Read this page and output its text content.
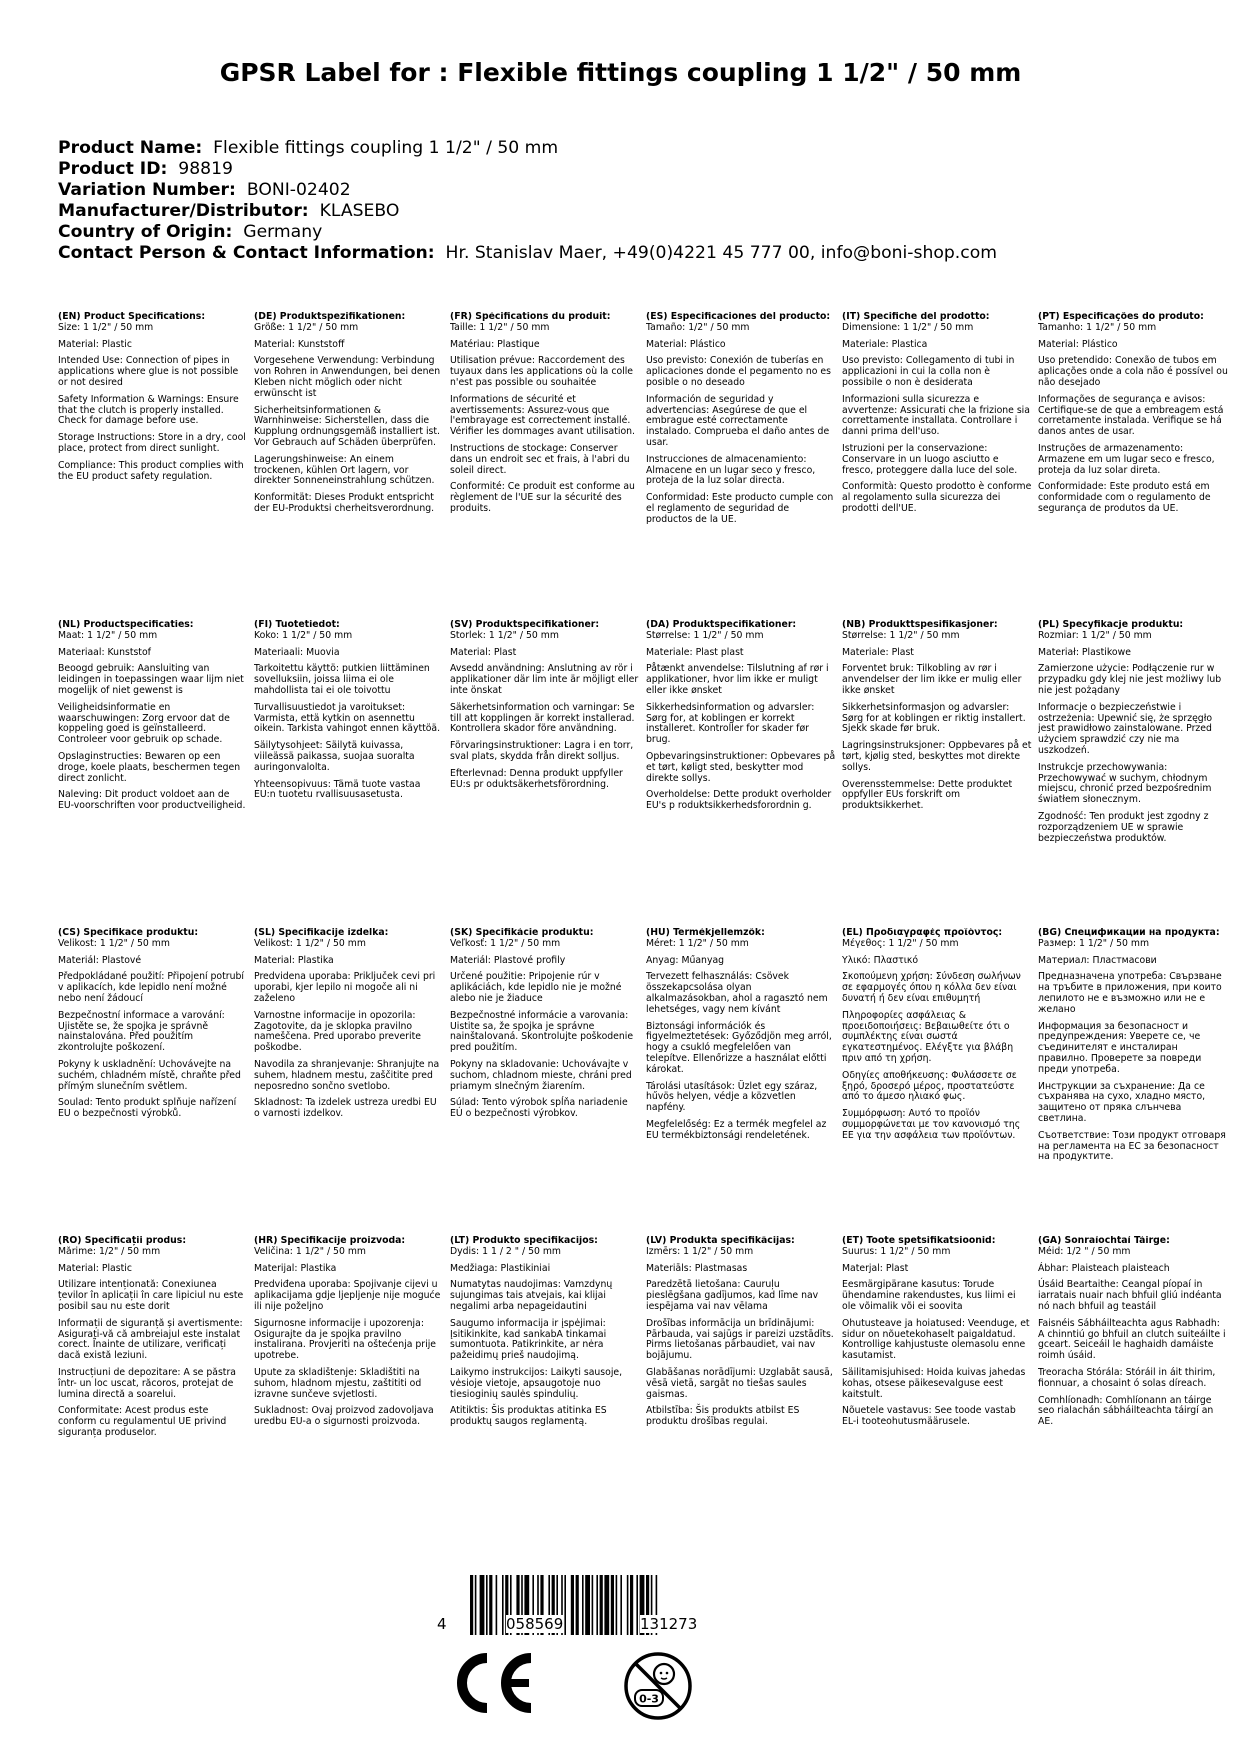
GPSR Label for : Flexible fittings coupling 1 1/2" / 50 mm
Product Name: Flexible fittings coupling 1 1/2" / 50 mm
Product ID: 98819
Variation Number: BONI-02402
Manufacturer/Distributor: KLASEBO
Country of Origin: Germany
Contact Person & Contact Information: Hr. Stanislav Maer, +49(0)4221 45 777 00, info@boni-shop.com
(EN) Product Specifications:
Size: 1 1/2" / 50 mm

Material: Plastic

Intended Use: Connection of pipes in applications where glue is not possible or not desired

Safety Information & Warnings: Ensure that the clutch is properly installed. Check for damage before use.

Storage Instructions: Store in a dry, cool place, protect from direct sunlight.

Compliance: This product complies with the EU product safety regulation.

(DE) Produktspezifikationen:
Größe: 1 1/2" / 50 mm

Material: Kunststoff

Vorgesehene Verwendung: Verbindung von Rohren in Anwendungen, bei denen Kleben nicht möglich oder nicht erwünscht ist

Sicherheitsinformationen & Warnhinweise: Sicherstellen, dass die Kupplung ordnungsgemäß installiert ist. Vor Gebrauch auf Schäden überprüfen.

Lagerungshinweise: An einem trockenen, kühlen Ort lagern, vor direkter Sonneneinstrahlung schützen.

Konformität: Dieses Produkt entspricht der EU-Produktsi cherheitsverordnung.

(FR) Spécifications du produit:
Taille: 1 1/2" / 50 mm

Matériau: Plastique

Utilisation prévue: Raccordement des tuyaux dans les applications où la colle n'est pas possible ou souhaitée

Informations de sécurité et avertissements: Assurez-vous que l'embrayage est correctement installé. Vérifier les dommages avant utilisation.

Instructions de stockage: Conserver dans un endroit sec et frais, à l'abri du soleil direct.

Conformité: Ce produit est conforme au règlement de l'UE sur la sécurité des produits.

(ES) Especificaciones del producto:
Tamaño: 1/2" / 50 mm

Material: Plástico

Uso previsto: Conexión de tuberías en aplicaciones donde el pegamento no es posible o no deseado

Información de seguridad y advertencias: Asegúrese de que el embrague esté correctamente instalado. Comprueba el daño antes de usar.

Instrucciones de almacenamiento: Almacene en un lugar seco y fresco, proteja de la luz solar directa.

Conformidad: Este producto cumple con el reglamento de seguridad de productos de la UE.

(IT) Specifiche del prodotto:
Dimensione: 1 1/2" / 50 mm

Materiale: Plastica

Uso previsto: Collegamento di tubi in applicazioni in cui la colla non è possibile o non è desiderata

Informazioni sulla sicurezza e avvertenze: Assicurati che la frizione sia correttamente installata. Controllare i danni prima dell'uso.

Istruzioni per la conservazione: Conservare in un luogo asciutto e fresco, proteggere dalla luce del sole.

Conformità: Questo prodotto è conforme al regolamento sulla sicurezza dei prodotti dell'UE.

(PT) Especificações do produto:
Tamanho: 1 1/2" / 50 mm

Material: Plástico

Uso pretendido: Conexão de tubos em aplicações onde a cola não é possível ou não desejado

Informações de segurança e avisos: Certifique-se de que a embreagem está corretamente instalada. Verifique se há danos antes de usar.

Instruções de armazenamento: Armazene em um lugar seco e fresco, proteja da luz solar direta.

Conformidade: Este produto está em conformidade com o regulamento de segurança de produtos da UE.

(NL) Productspecificaties:
Maat: 1 1/2" / 50 mm

Materiaal: Kunststof

Beoogd gebruik: Aansluiting van leidingen in toepassingen waar lijm niet mogelijk of niet gewenst is

Veiligheidsinformatie en waarschuwingen: Zorg ervoor dat de koppeling goed is geïnstalleerd. Controleer voor gebruik op schade.

Opslaginstructies: Bewaren op een droge, koele plaats, beschermen tegen direct zonlicht.

Naleving: Dit product voldoet aan de EU-voorschriften voor productveiligheid.

(FI) Tuotetiedot:
Koko: 1 1/2" / 50 mm

Materiaali: Muovia

Tarkoitettu käyttö: putkien liittäminen sovelluksiin, joissa liima ei ole mahdollista tai ei ole toivottu

Turvallisuustiedot ja varoitukset: Varmista, että kytkin on asennettu oikein. Tarkista vahingot ennen käyttöä.

Säilytysohjeet: Säilytä kuivassa, viileässä paikassa, suojaa suoralta auringonvalolta.

Yhteensopivuus: Tämä tuote vastaa EU:n tuotetu rvallisuusasetusta.

(SV) Produktspecifikationer:
Storlek: 1 1/2" / 50 mm

Material: Plast

Avsedd användning: Anslutning av rör i applikationer där lim inte är möjligt eller inte önskat

Säkerhetsinformation och varningar: Se till att kopplingen är korrekt installerad. Kontrollera skador före användning.

Förvaringsinstruktioner: Lagra i en torr, sval plats, skydda från direkt solljus.

Efterlevnad: Denna produkt uppfyller EU:s pr oduktsäkerhetsförordning.

(DA) Produktspecifikationer:
Størrelse: 1 1/2" / 50 mm

Materiale: Plast plast

Påtænkt anvendelse: Tilslutning af rør i applikationer, hvor lim ikke er muligt eller ikke ønsket

Sikkerhedsinformation og advarsler: Sørg for, at koblingen er korrekt installeret. Kontroller for skader før brug.

Opbevaringsinstruktioner: Opbevares på et tørt, køligt sted, beskytter mod direkte sollys.

Overholdelse: Dette produkt overholder EU's p roduktsikkerhedsforordnin g.

(NB) Produkttspesifikasjoner:
Størrelse: 1 1/2" / 50 mm

Materiale: Plast

Forventet bruk: Tilkobling av rør i anvendelser der lim ikke er mulig eller ikke ønsket

Sikkerhetsinformasjon og advarsler: Sørg for at koblingen er riktig installert. Sjekk skade før bruk.

Lagringsinstruksjoner: Oppbevares på et tørt, kjølig sted, beskyttes mot direkte sollys.

Overensstemmelse: Dette produktet oppfyller EUs forskrift om produktsikkerhet.

(PL) Specyfikacje produktu:
Rozmiar: 1 1/2" / 50 mm

Materiał: Plastikowe

Zamierzone użycie: Podłączenie rur w przypadku gdy klej nie jest możliwy lub nie jest pożądany

Informacje o bezpieczeństwie i ostrzeżenia: Upewnić się, że sprzęgło jest prawidłowo zainstalowane. Przed użyciem sprawdzić czy nie ma uszkodzeń.

Instrukcje przechowywania: Przechowywać w suchym, chłodnym miejscu, chronić przed bezpośrednim światłem słonecznym.

Zgodność: Ten produkt jest zgodny z rozporządzeniem UE w sprawie bezpieczeństwa produktów.

(CS) Specifikace produktu:
Velikost: 1 1/2" / 50 mm

Materiál: Plastové

Předpokládané použití: Připojení potrubí v aplikacích, kde lepidlo není možné nebo není žádoucí

Bezpečnostní informace a varování: Ujistěte se, že spojka je správně nainstalována. Před použitím zkontrolujte poškození.

Pokyny k uskladnění: Uchovávejte na suchém, chladném místě, chraňte před přímým slunečním světlem.

Soulad: Tento produkt splňuje nařízení EU o bezpečnosti výrobků.

(SL) Specifikacije izdelka:
Velikost: 1 1/2" / 50 mm

Material: Plastika

Predvidena uporaba: Priključek cevi pri uporabi, kjer lepilo ni mogoče ali ni zaželeno

Varnostne informacije in opozorila: Zagotovite, da je sklopka pravilno nameščena. Pred uporabo preverite poškodbe.

Navodila za shranjevanje: Shranjujte na suhem, hladnem mestu, zaščitite pred neposredno sončno svetlobo.

Skladnost: Ta izdelek ustreza uredbi EU o varnosti izdelkov.

(SK) Špecifikácie produktu:
Veľkosť: 1 1/2" / 50 mm

Materiál: Plastové profily

Určené použitie: Pripojenie rúr v aplikáciách, kde lepidlo nie je možné alebo nie je žiaduce

Bezpečnostné informácie a varovania: Uistite sa, že spojka je správne nainštalovaná. Skontrolujte poškodenie pred použitím.

Pokyny na skladovanie: Uchovávajte v suchom, chladnom mieste, chráni pred priamym slnečným žiarením.

Súlad: Tento výrobok spĺňa nariadenie EÚ o bezpečnosti výrobkov.

(HU) Termékjellemzők:
Méret: 1 1/2" / 50 mm

Anyag: Műanyag

Tervezett felhasználás: Csövek összekapcsolása olyan alkalmazásokban, ahol a ragasztó nem lehetséges, vagy nem kívánt

Biztonsági információk és figyelmeztetések: Győződjön meg arról, hogy a csukló megfelelően van telepítve. Ellenőrizze a használat előtti károkat.

Tárolási utasítások: Üzlet egy száraz, hűvös helyen, védje a közvetlen napfény.

Megfelelőség: Ez a termék megfelel az EU termékbiztonsági rendeletének.

(EL) Προδιαγραφές προϊόντος:
Μέγεθος: 1 1/2" / 50 mm

Υλικό: Πλαστικό

Σκοπούμενη χρήση: Σύνδεση σωλήνων σε εφαρμογές όπου η κόλλα δεν είναι δυνατή ή δεν είναι επιθυμητή

Πληροφορίες ασφάλειας & προειδοποιήσεις: Βεβαιωθείτε ότι ο συμπλέκτης είναι σωστά εγκατεστημένος. Ελέγξτε για βλάβη πριν από τη χρήση.

Οδηγίες αποθήκευσης: Φυλάσσετε σε ξηρό, δροσερό μέρος, προστατεύστε από το άμεσο ηλιακό φως.

Συμμόρφωση: Αυτό το προϊόν συμμορφώνεται με τον κανονισμό της ΕΕ για την ασφάλεια των προϊόντων.

(BG) Спецификации на продукта:
Размер: 1 1/2" / 50 mm

Материал: Пластмасови

Предназначена употреба: Свързване на тръбите в приложения, при които лепилото не е възможно или не е желано

Информация за безопасност и предупреждения: Уверете се, че съединителят е инсталиран правилно. Проверете за повреди преди употреба.

Инструкции за съхранение: Да се съхранява на сухо, хладно място, защитено от пряка слънчева светлина.

Съответствие: Този продукт отговаря на регламента на ЕС за безопасност на продуктите.

(RO) Specificații produs:
Mărime: 1/2" / 50 mm

Material: Plastic

Utilizare intenționată: Conexiunea țevilor în aplicații în care lipiciul nu este posibil sau nu este dorit

Informații de siguranță și avertismente: Asigurați-vă că ambreiajul este instalat corect. Înainte de utilizare, verificați dacă există leziuni.

Instrucțiuni de depozitare: A se păstra într- un loc uscat, răcoros, protejat de lumina directă a soarelui.

Conformitate: Acest produs este conform cu regulamentul UE privind siguranța produselor.

(HR) Specifikacije proizvoda:
Veličina: 1 1/2" / 50 mm

Materijal: Plastika

Predviđena uporaba: Spojivanje cijevi u aplikacijama gdje ljepljenje nije moguće ili nije poželjno

Sigurnosne informacije i upozorenja: Osigurajte da je spojka pravilno instalirana. Provjeriti na oštećenja prije upotrebe.

Upute za skladištenje: Skladištiti na suhom, hladnom mjestu, zaštititi od izravne sunčeve svjetlosti.

Sukladnost: Ovaj proizvod zadovoljava uredbu EU-a o sigurnosti proizvoda.

(LT) Produkto specifikacijos:
Dydis: 1 1 / 2 " / 50 mm

Medžiaga: Plastikiniai

Numatytas naudojimas: Vamzdynų sujungimas tais atvejais, kai klijai negalimi arba nepageidautini

Saugumo informacija ir įspėjimai: Įsitikinkite, kad sankabA tinkamai sumontuota. Patikrinkite, ar nėra pažeidimų prieš naudojimą.

Laikymo instrukcijos: Laikyti sausoje, vėsioje vietoje, apsaugotoje nuo tiesioginių saulės spindulių.

Atitiktis: Šis produktas atitinka ES produktų saugos reglamentą.

(LV) Produkta specifikācijas:
Izmērs: 1 1/2" / 50 mm

Materiāls: Plastmasas

Paredzētā lietošana: Cauruļu pieslēgšana gadījumos, kad līme nav iespējama vai nav vēlama

Drošības informācija un brīdinājumi: Pārbauda, vai sajūgs ir pareizi uzstādīts. Pirms lietošanas pārbaudiet, vai nav bojājumu.

Glabāšanas norādījumi: Uzglabāt sausā, vēsā vietā, sargāt no tiešas saules gaismas.

Atbilstība: Šis produkts atbilst ES produktu drošības regulai.

(ET) Toote spetsifikatsioonid:
Suurus: 1 1/2" / 50 mm

Materjal: Plast

Eesmärgipärane kasutus: Torude ühendamine rakendustes, kus liimi ei ole võimalik või ei soovita

Ohutusteave ja hoiatused: Veenduge, et sidur on nõuetekohaselt paigaldatud. Kontrollige kahjustuste olemasolu enne kasutamist.

Säilitamisjuhised: Hoida kuivas jahedas kohas, otsese päikesevalguse eest kaitstult.

Nõuetele vastavus: See toode vastab EL-i tooteohutusmäärusele.

(GA) Sonraíochtaí Táirge:
Méid: 1/2 " / 50 mm

Ábhar: Plaisteach plaisteach

Úsáid Beartaithe: Ceangal píopaí in iarratais nuair nach bhfuil gliú indéanta nó nach bhfuil ag teastáil

Faisnéis Sábháilteachta agus Rabhadh: A chinntiú go bhfuil an clutch suiteáilte i gceart. Seiceáil le haghaidh damáiste roimh úsáid.

Treoracha Stórála: Stóráil in áit thirim, fionnuar, a chosaint ó solas díreach.

Comhlíonadh: Comhlíonann an táirge seo rialachán sábháilteachta táirgí an AE.

4	058569	131273
0-3
